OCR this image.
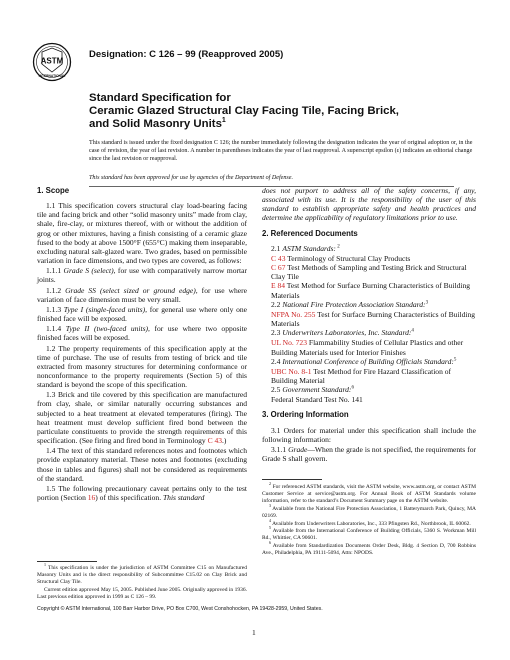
ASTM
INTERNATIONAL
Designation: C 126 – 99 (Reapproved 2005)
Standard Specification for
Ceramic Glazed Structural Clay Facing Tile, Facing Brick,
and Solid Masonry Units$^1$
This standard is issued under the fixed designation C 126; the number immediately following the designation indicates the year of original adoption or, in the case of revision, the year of last revision. A number in parentheses indicates the year of last reapproval. A superscript epsilon (ε) indicates an editorial change since the last revision or reapproval.
This standard has been approved for use by agencies of the Department of Defense.
1. Scope

1.1 This specification covers structural clay load-bearing facing tile and facing brick and other “solid masonry units” made from clay, shale, fire-clay, or mixtures thereof, with or without the addition of grog or other mixtures, having a finish consisting of a ceramic glaze fused to the body at above 1500°F (655°C) making them inseparable, excluding natural salt-glazed ware. Two grades, based on permissible variation in face dimensions, and two types are covered, as follows:

1.1.1 Grade S (select), for use with comparatively narrow mortar joints.

1.1.2 Grade SS (select sized or ground edge), for use where variation of face dimension must be very small.

1.1.3 Type I (single-faced units), for general use where only one finished face will be exposed.

1.1.4 Type II (two-faced units), for use where two opposite finished faces will be exposed.

1.2 The property requirements of this specification apply at the time of purchase. The use of results from testing of brick and tile extracted from masonry structures for determining conformance or nonconformance to the property requirements (Section 5) of this standard is beyond the scope of this specification.

1.3 Brick and tile covered by this specification are manufactured from clay, shale, or similar naturally occurring substances and subjected to a heat treatment at elevated temperatures (firing). The heat treatment must develop sufficient fired bond between the particulate constituents to provide the strength requirements of this specification. (See firing and fired bond in Terminology C 43.)

1.4 The text of this standard references notes and footnotes which provide explanatory material. These notes and footnotes (excluding those in tables and figures) shall not be considered as requirements of the standard.

1.5 The following precautionary caveat pertains only to the test portion (Section 16) of this specification. This standard

does not purport to address all of the safety concerns, if any, associated with its use. It is the responsibility of the user of this standard to establish appropriate safety and health practices and determine the applicability of regulatory limitations prior to use.

2. Referenced Documents

2.1 ASTM Standards: $^2$

C 43 Terminology of Structural Clay Products
C 67 Test Methods of Sampling and Testing Brick and Structural Clay Tile
E 84 Test Method for Surface Burning Characteristics of Building Materials

2.2 National Fire Protection Association Standard:$^3$

NFPA No. 255 Test for Surface Burning Characteristics of Building Materials

2.3 Underwriters Laboratories, Inc. Standard:$^4$

UL No. 723 Flammability Studies of Cellular Plastics and other Building Materials used for Interior Finishes

2.4 International Conference of Building Officials Standard:$^5$

UBC No. 8-1 Test Method for Fire Hazard Classification of Building Material

2.5 Government Standard:$^6$

Federal Standard Test No. 141
3. Ordering Information

3.1 Orders for material under this specification shall include the following information:

3.1.1 Grade—When the grade is not specified, the requirements for Grade S shall govern.

$^1$ This specification is under the jurisdiction of ASTM Committee C15 on Manufactured Masonry Units and is the direct responsibility of Subcommittee C15.02 on Clay Brick and Structural Clay Tile.

Current edition approved May 15, 2005. Published June 2005. Originally approved in 1936. Last previous edition approved in 1999 as C 126 – 99.

$^2$ For referenced ASTM standards, visit the ASTM website, www.astm.org, or contact ASTM Customer Service at service@astm.org. For Annual Book of ASTM Standards volume information, refer to the standard’s Document Summary page on the ASTM website.

$^3$ Available from the National Fire Protection Association, 1 Batterymarch Park, Quincy, MA 02169.

$^4$ Available from Underwriters Laboratories, Inc., 333 Pfingsten Rd., Northbrook, IL 60062.

$^5$ Available from the International Conference of Building Officials, 5360 S. Workman Mill Rd., Whittier, CA 90601.

$^6$ Available from Standardization Documents Order Desk, Bldg. 4 Section D, 700 Robbins Ave., Philadelphia, PA 19111-5094, Attn: NPODS.

Copyright © ASTM International, 100 Barr Harbor Drive, PO Box C700, West Conshohocken, PA 19428-2959, United States.
1
